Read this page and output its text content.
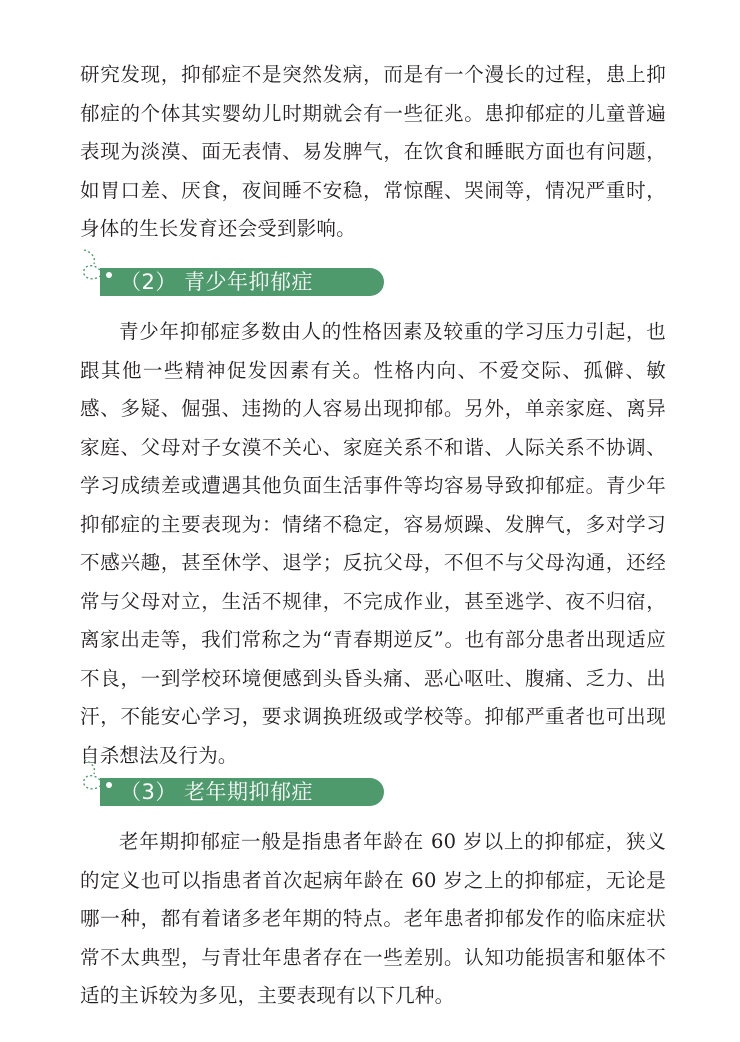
研究发现，抑郁症不是突然发病，而是有一个漫长的过程，患上抑郁症的个体其实婴幼儿时期就会有一些征兆。患抑郁症的儿童普遍表现为淡漠、面无表情、易发脾气，在饮食和睡眠方面也有问题，如胃口差、厌食，夜间睡不安稳，常惊醒、哭闹等，情况严重时，身体的生长发育还会受到影响。

（2） 青少年抑郁症

青少年抑郁症多数由人的性格因素及较重的学习压力引起，也跟其他一些精神促发因素有关。性格内向、不爱交际、孤僻、敏感、多疑、倔强、违拗的人容易出现抑郁。另外，单亲家庭、离异家庭、父母对子女漠不关心、家庭关系不和谐、人际关系不协调、学习成绩差或遭遇其他负面生活事件等均容易导致抑郁症。青少年抑郁症的主要表现为：情绪不稳定，容易烦躁、发脾气，多对学习不感兴趣，甚至休学、退学；反抗父母，不但不与父母沟通，还经常与父母对立，生活不规律，不完成作业，甚至逃学、夜不归宿，离家出走等，我们常称之为“青春期逆反”。也有部分患者出现适应不良，一到学校环境便感到头昏头痛、恶心呕吐、腹痛、乏力、出汗，不能安心学习，要求调换班级或学校等。抑郁严重者也可出现自杀想法及行为。

（3） 老年期抑郁症

老年期抑郁症一般是指患者年龄在 60 岁以上的抑郁症，狭义的定义也可以指患者首次起病年龄在 60 岁之上的抑郁症，无论是哪一种，都有着诸多老年期的特点。老年患者抑郁发作的临床症状常不太典型，与青壮年患者存在一些差别。认知功能损害和躯体不适的主诉较为多见，主要表现有以下几种。
